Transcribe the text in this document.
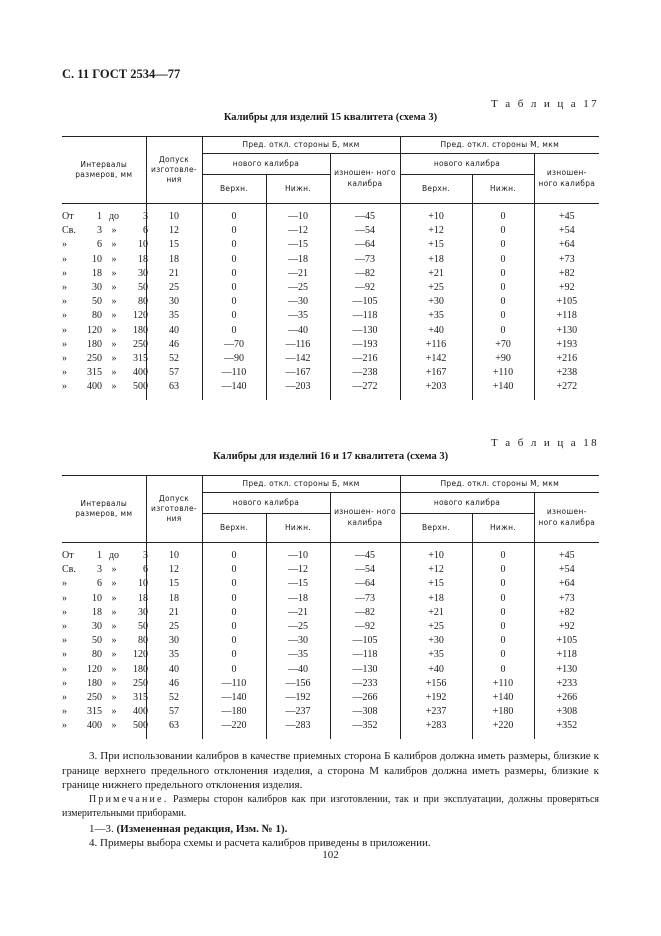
С. 11 ГОСТ 2534—77
Т а б л и ц а 17
Калибры для изделий 15 квалитета (схема 3)
Интервалы размеров, мм	Допуск изготовле- ния	Пред. откл. стороны Б, мкм			Пред. откл. стороны М, мкм		
		нового калибра		изношен- ного калибра	нового калибра		изношен- ного калибра
		Верхн.	Нижн.		Верхн.	Нижн.	
От 1 до 3	10	0	—10	—45	+10	0	+45
Св. 3 » 6	12	0	—12	—54	+12	0	+54
» 6 » 10	15	0	—15	—64	+15	0	+64
» 10 » 18	18	0	—18	—73	+18	0	+73
» 18 » 30	21	0	—21	—82	+21	0	+82
» 30 » 50	25	0	—25	—92	+25	0	+92
» 50 » 80	30	0	—30	—105	+30	0	+105
» 80 » 120	35	0	—35	—118	+35	0	+118
» 120 » 180	40	0	—40	—130	+40	0	+130
» 180 » 250	46	—70	—116	—193	+116	+70	+193
» 250 » 315	52	—90	—142	—216	+142	+90	+216
» 315 » 400	57	—110	—167	—238	+167	+110	+238
» 400 » 500	63	—140	—203	—272	+203	+140	+272
Т а б л и ц а 18
Калибры для изделий 16 и 17 квалитета (схема 3)
Интервалы размеров, мм	Допуск изготовле- ния	Пред. откл. стороны Б, мкм			Пред. откл. стороны М, мкм		
		нового калибра		изношен- ного калибра	нового калибра		изношен- ного калибра
		Верхн.	Нижн.		Верхн.	Нижн.	
От 1 до 3	10	0	—10	—45	+10	0	+45
Св. 3 » 6	12	0	—12	—54	+12	0	+54
» 6 » 10	15	0	—15	—64	+15	0	+64
» 10 » 18	18	0	—18	—73	+18	0	+73
» 18 » 30	21	0	—21	—82	+21	0	+82
» 30 » 50	25	0	—25	—92	+25	0	+92
» 50 » 80	30	0	—30	—105	+30	0	+105
» 80 » 120	35	0	—35	—118	+35	0	+118
» 120 » 180	40	0	—40	—130	+40	0	+130
» 180 » 250	46	—110	—156	—233	+156	+110	+233
» 250 » 315	52	—140	—192	—266	+192	+140	+266
» 315 » 400	57	—180	—237	—308	+237	+180	+308
» 400 » 500	63	—220	—283	—352	+283	+220	+352

3. При использовании калибров в качестве приемных сторона Б калибров должна иметь размеры, близкие к границе верхнего предельного отклонения изделия, а сторона М калибров должна иметь размеры, близкие к границе нижнего предельного отклонения изделия.

Примечание. Размеры сторон калибров как при изготовлении, так и при эксплуатации, должны проверяться измерительными приборами.

1—3. (Измененная редакция, Изм. № 1).

4. Примеры выбора схемы и расчета калибров приведены в приложении.

102
